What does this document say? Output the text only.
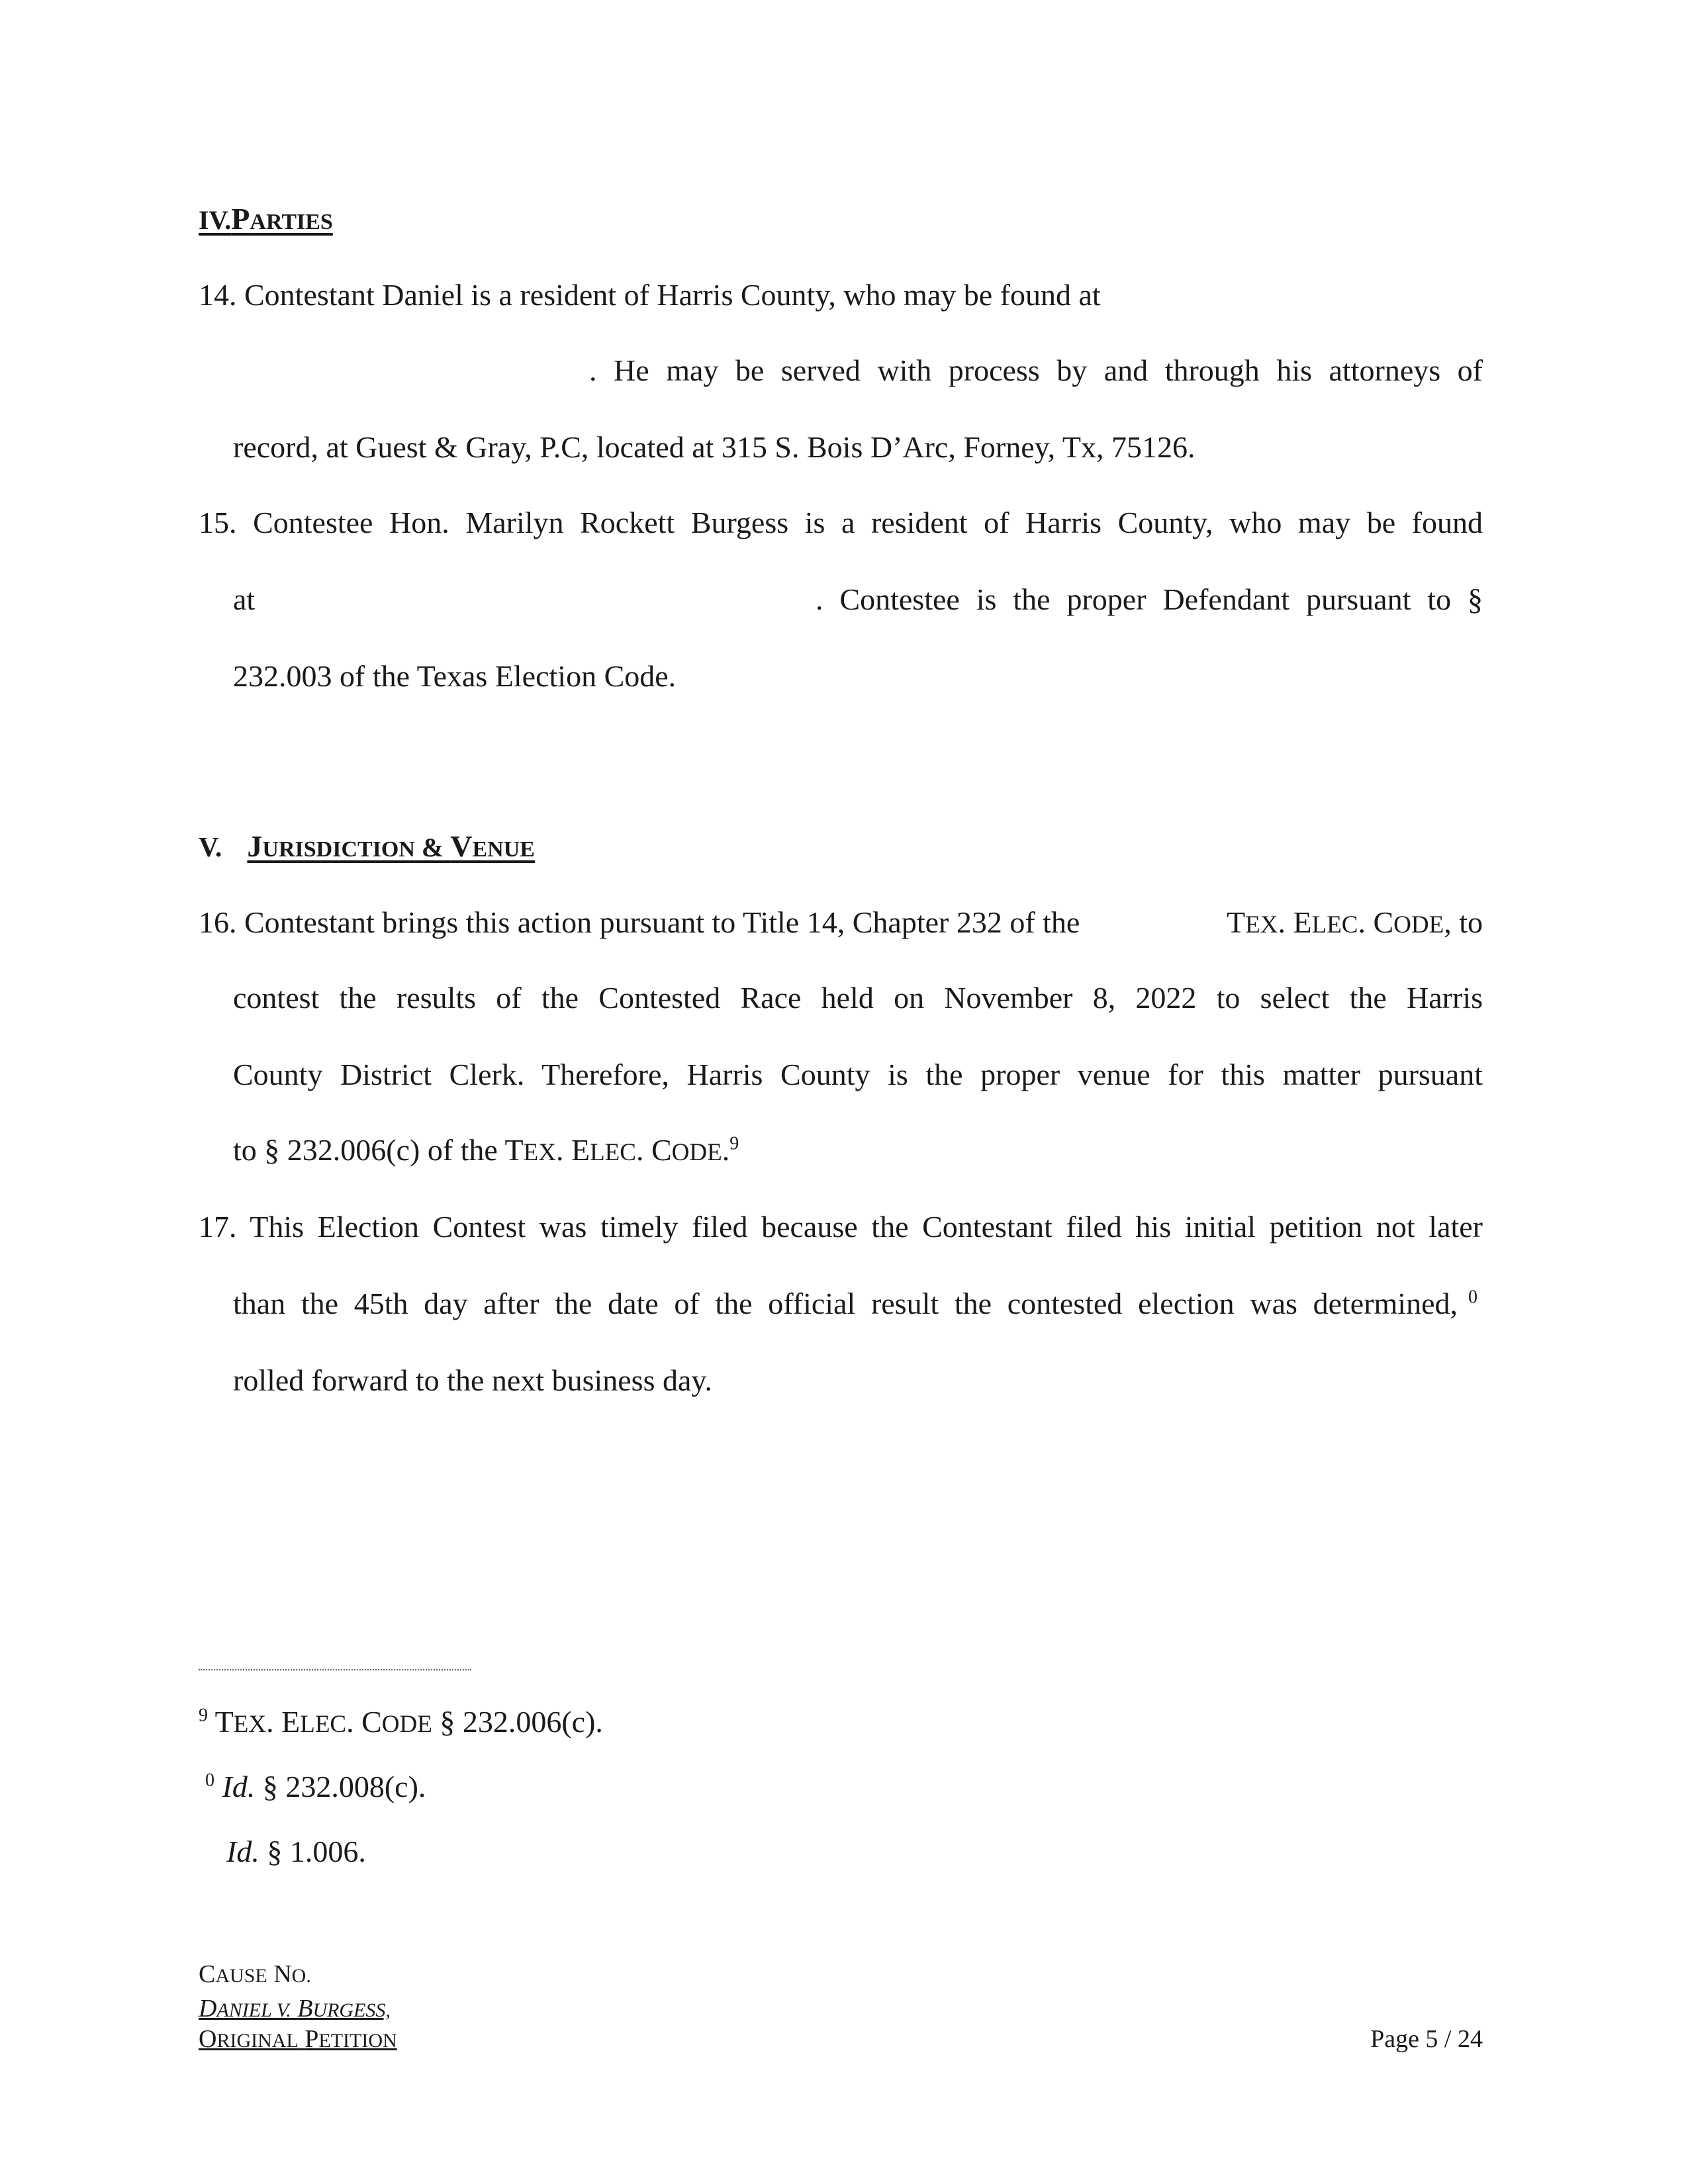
IV.PARTIES
14. Contestant Daniel is a resident of Harris County, who may be found at
. He may be served with process by and through his attorneys of
record, at Guest & Gray, P.C, located at 315 S. Bois D’Arc, Forney, Tx, 75126.
15. Contestee Hon. Marilyn Rockett Burgess is a resident of Harris County, who may be found
at	. Contestee is the proper Defendant pursuant to §
232.003 of the Texas Election Code.
V. JURISDICTION & VENUE
16. Contestant brings this action pursuant to Title 14, Chapter 232 of the	TEX. ELEC. CODE, to
contest the results of the Contested Race held on November 8, 2022 to select the Harris
County District Clerk. Therefore, Harris County is the proper venue for this matter pursuant
to § 232.006(c) of the TEX. ELEC. CODE.$^9$
17. This Election Contest was timely filed because the Contestant filed his initial petition not later
than the 45th day after the date of the official result the contested election was determined, $^0$
rolled forward to the next business day.
$^9$ TEX. ELEC. CODE § 232.006(c).
$^0$ Id. § 232.008(c).
Id. § 1.006.
CAUSE NO.
DANIEL V. BURGESS,
ORIGINAL PETITION	Page 5 / 24
